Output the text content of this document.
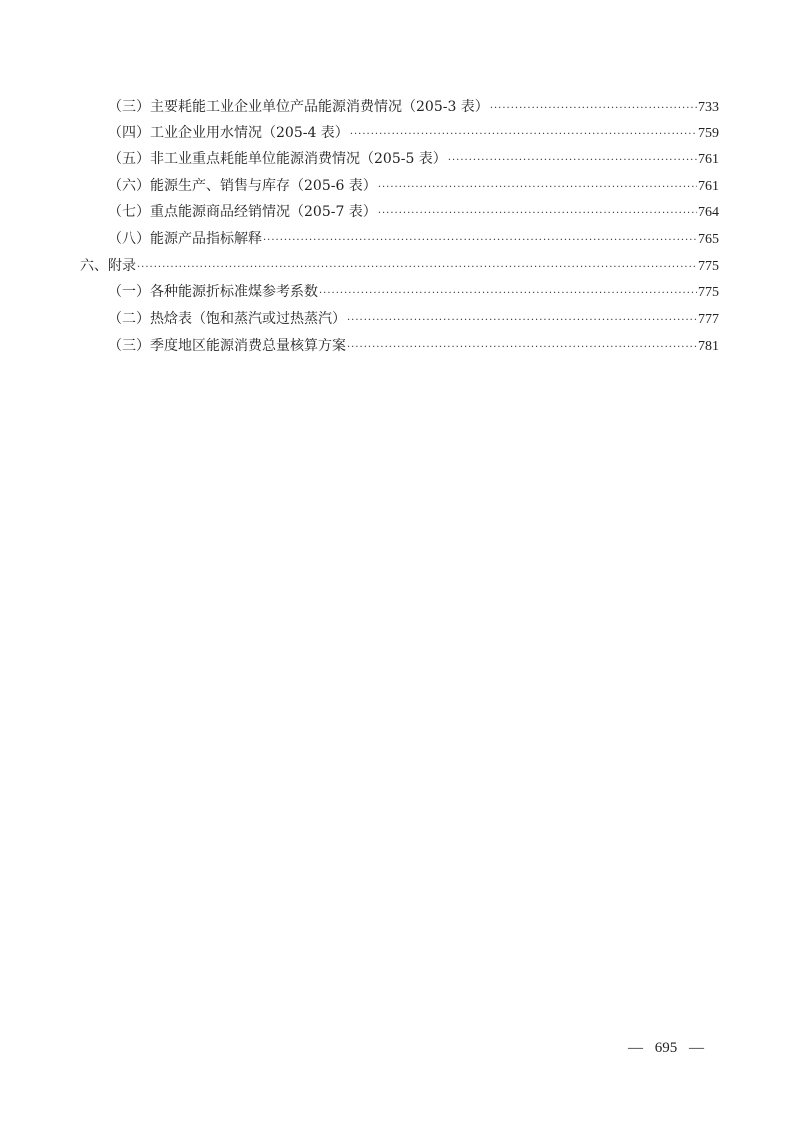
（三）主要耗能工业企业单位产品能源消费情况（205-3 表） ·····	733
（四）工业企业用水情况（205-4 表） ·····	759
（五）非工业重点耗能单位能源消费情况（205-5 表） ·····	761
（六）能源生产、销售与库存（205-6 表） ·····	761
（七）重点能源商品经销情况（205-7 表） ·····	764
（八）能源产品指标解释 ·····	765
六、附录 ·····	775
（一）各种能源折标准煤参考系数 ·····	775
（二）热焓表（饱和蒸汽或过热蒸汽） ·····	777
（三）季度地区能源消费总量核算方案 ·····	781
— 695 —
